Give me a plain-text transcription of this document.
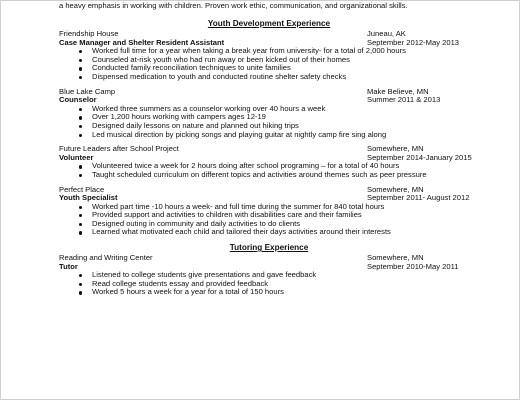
a heavy emphasis in working with children. Proven work ethic, communication, and organizational skills.
Youth Development Experience
Friendship House	Juneau, AK
Case Manager and Shelter Resident Assistant	September 2012-May 2013
Worked full time for a year when taking a break year from university- for a total of 2,000 hours
Counseled at-risk youth who had run away or been kicked out of their homes
Conducted family reconciliation techniques to unite families
Dispensed medication to youth and conducted routine shelter safety checks
Blue Lake Camp	Make Believe, MN
Counselor	Summer 2011 & 2013
Worked three summers as a counselor working over 40 hours a week
Over 1,200 hours working with campers ages 12-19
Designed daily lessons on nature and planned out hiking trips
Led musical direction by picking songs and playing guitar at nightly camp fire sing along
Future Leaders after School Project	Somewhere, MN
Volunteer	September 2014-January 2015
Volunteered twice a week for 2 hours doing after school programing – for a total of 40 hours
Taught scheduled curriculum on different topics and activities around themes such as peer pressure
Perfect Place	Somewhere, MN
Youth Specialist	September 2011- August 2012
Worked part time -10 hours a week- and full time during the summer for 840 total hours
Provided support and activities to children with disabilities care and their families
Designed outing in community and daily activities to do clients
Learned what motivated each child and tailored their days activities around their interests
Tutoring Experience
Reading and Writing Center	Somewhere, MN
Tutor	September 2010-May 2011
Listened to college students give presentations and gave feedback
Read college students essay and provided feedback
Worked 5 hours a week for a year for a total of 150 hours
